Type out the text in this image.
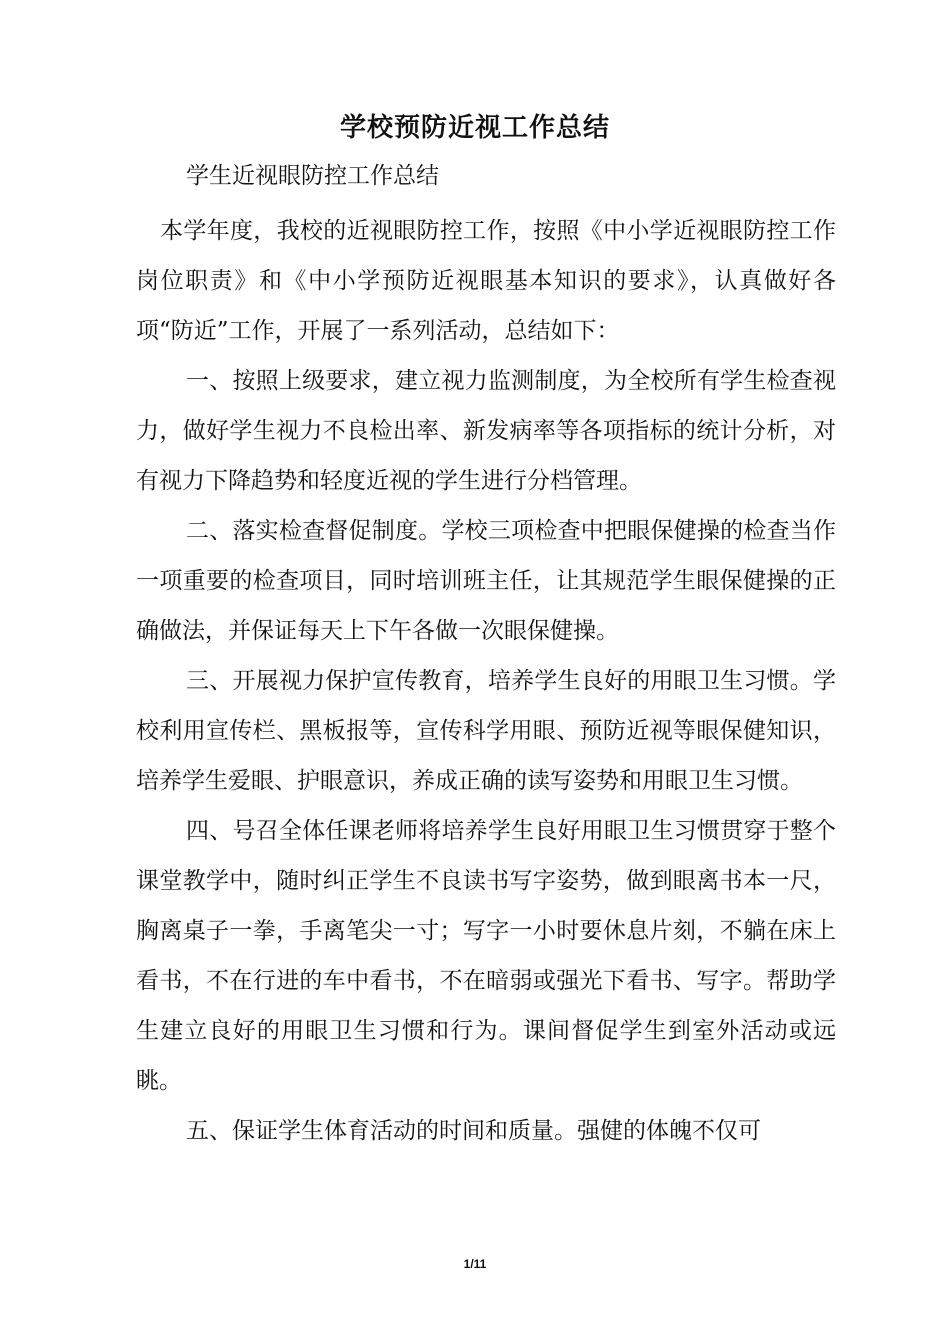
学校预防近视工作总结
学生近视眼防控工作总结

本学年度，我校的近视眼防控工作，按照《中小学近视眼防控工作岗位职责》和《中小学预防近视眼基本知识的要求》，认真做好各项“防近”工作，开展了一系列活动，总结如下：

一、按照上级要求，建立视力监测制度，为全校所有学生检查视力，做好学生视力不良检出率、新发病率等各项指标的统计分析，对有视力下降趋势和轻度近视的学生进行分档管理。

二、落实检查督促制度。学校三项检查中把眼保健操的检查当作一项重要的检查项目，同时培训班主任，让其规范学生眼保健操的正确做法，并保证每天上下午各做一次眼保健操。

三、开展视力保护宣传教育，培养学生良好的用眼卫生习惯。学校利用宣传栏、黑板报等，宣传科学用眼、预防近视等眼保健知识，培养学生爱眼、护眼意识，养成正确的读写姿势和用眼卫生习惯。

四、号召全体任课老师将培养学生良好用眼卫生习惯贯穿于整个课堂教学中，随时纠正学生不良读书写字姿势，做到眼离书本一尺，胸离桌子一拳，手离笔尖一寸；写字一小时要休息片刻，不躺在床上看书，不在行进的车中看书，不在暗弱或强光下看书、写字。帮助学生建立良好的用眼卫生习惯和行为。课间督促学生到室外活动或远眺。

五、保证学生体育活动的时间和质量。强健的体魄不仅可

1/11
